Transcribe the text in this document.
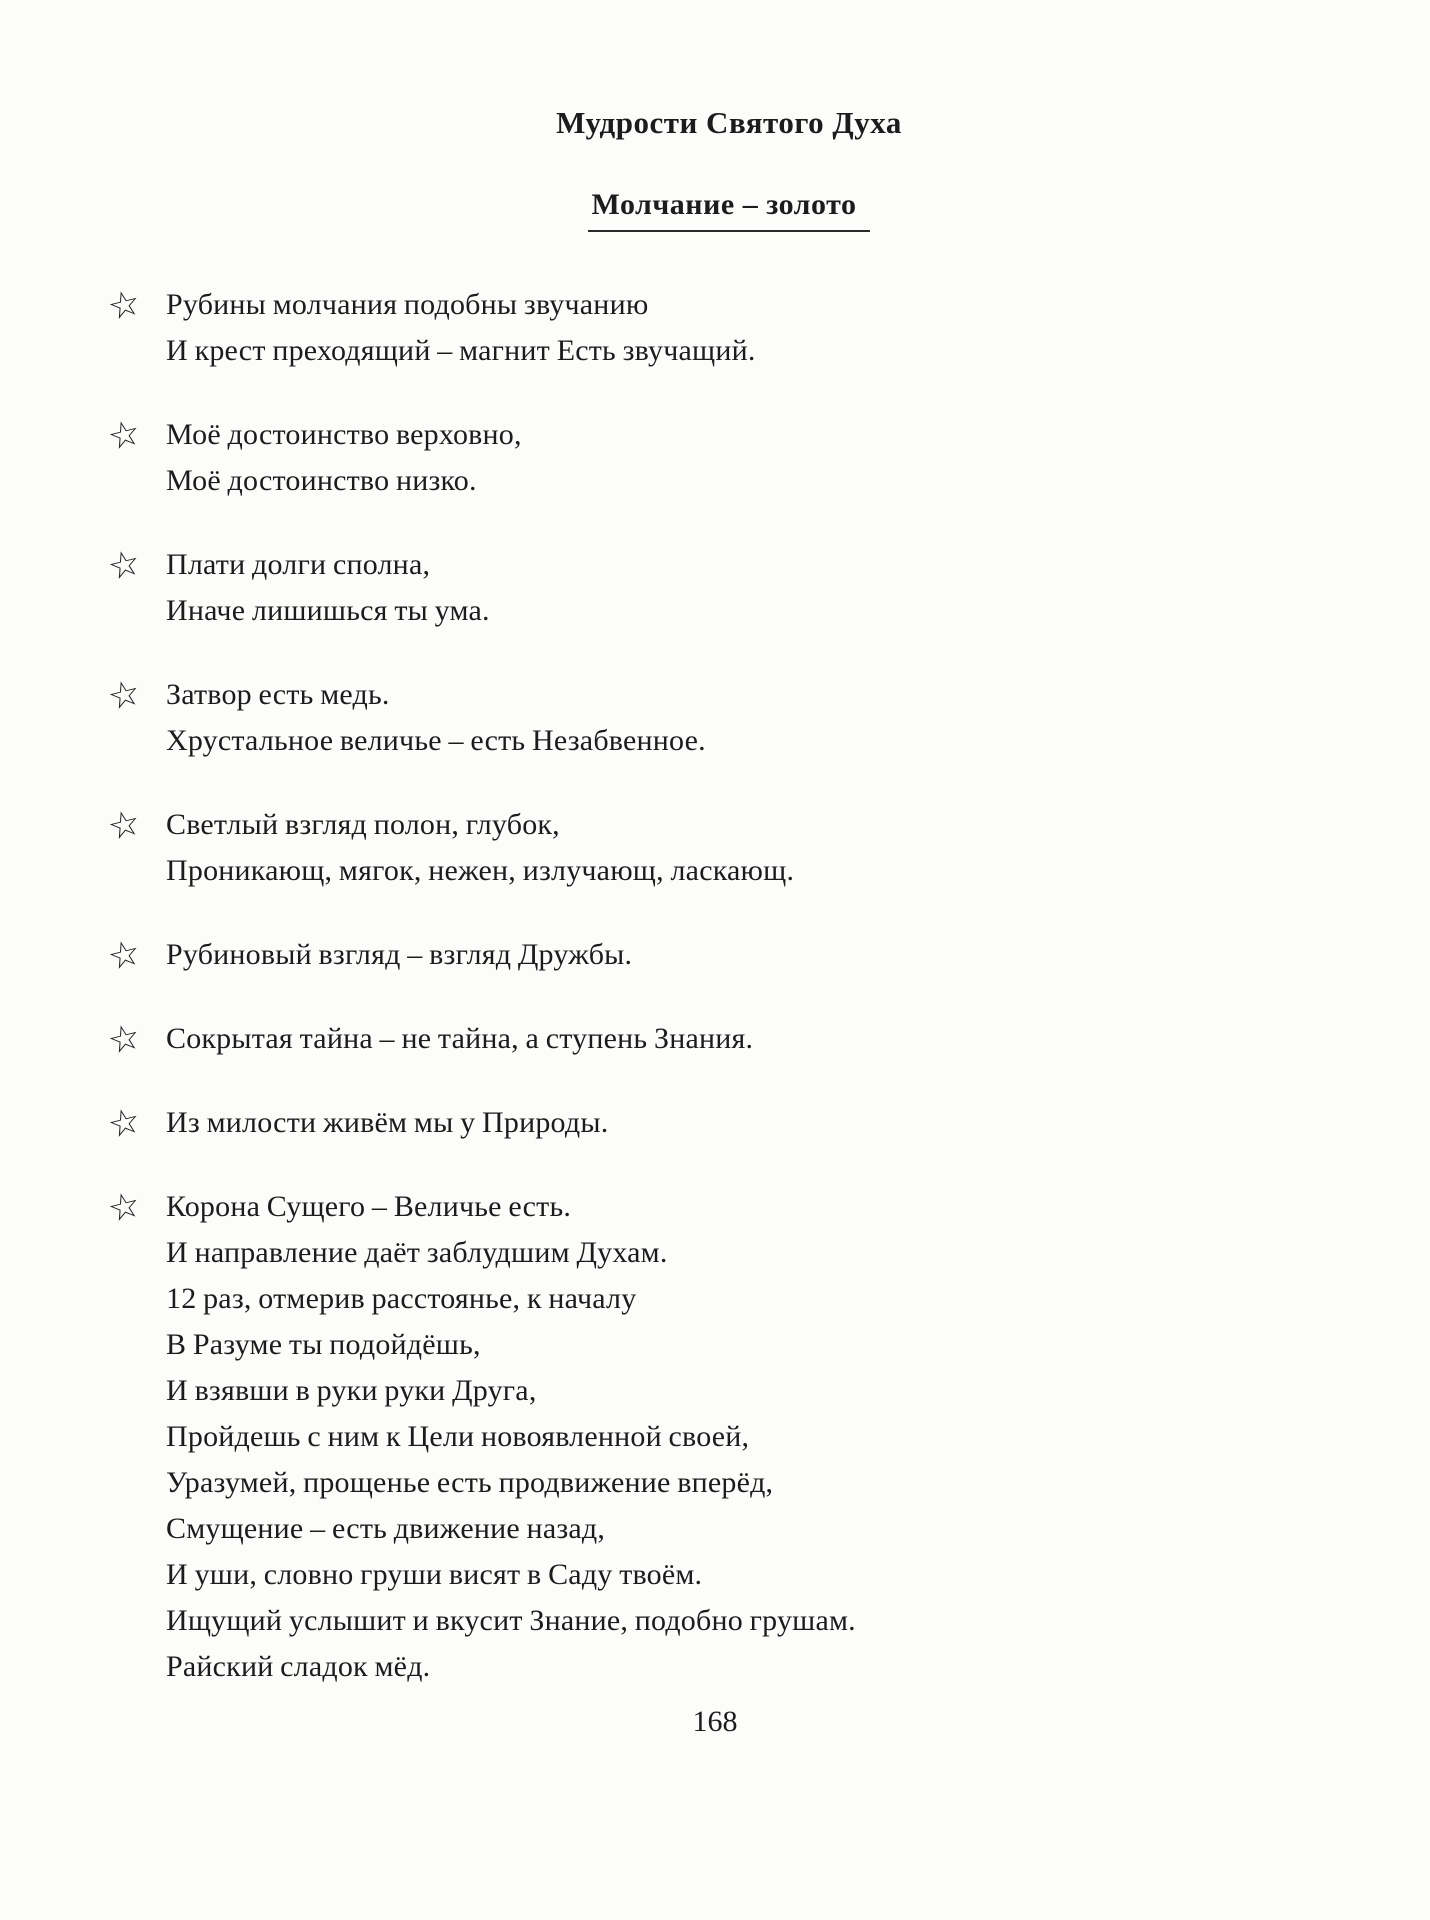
Мудрости Святого Духа
Молчание – золото
☆ Рубины молчания подобны звучанию
И крест преходящий – магнит Есть звучащий.
☆ Моё достоинство верховно,
Моё достоинство низко.
☆ Плати долги сполна,
Иначе лишишься ты ума.
☆ Затвор есть медь.
Хрустальное величье – есть Незабвенное.
☆ Светлый взгляд полон, глубок,
Проникающ, мягок, нежен, излучающ, ласкающ.
☆ Рубиновый взгляд – взгляд Дружбы.
☆ Сокрытая тайна – не тайна, а ступень Знания.
☆ Из милости живём мы у Природы.
☆ Корона Сущего – Величье есть.
И направление даёт заблудшим Духам.
12 раз, отмерив расстоянье, к началу
В Разуме ты подойдёшь,
И взявши в руки руки Друга,
Пройдешь с ним к Цели новоявленной своей,
Уразумей, прощенье есть продвижение вперёд,
Смущение – есть движение назад,
И уши, словно груши висят в Саду твоём.
Ищущий услышит и вкусит Знание, подобно грушам.
Райский сладок мёд.
168
